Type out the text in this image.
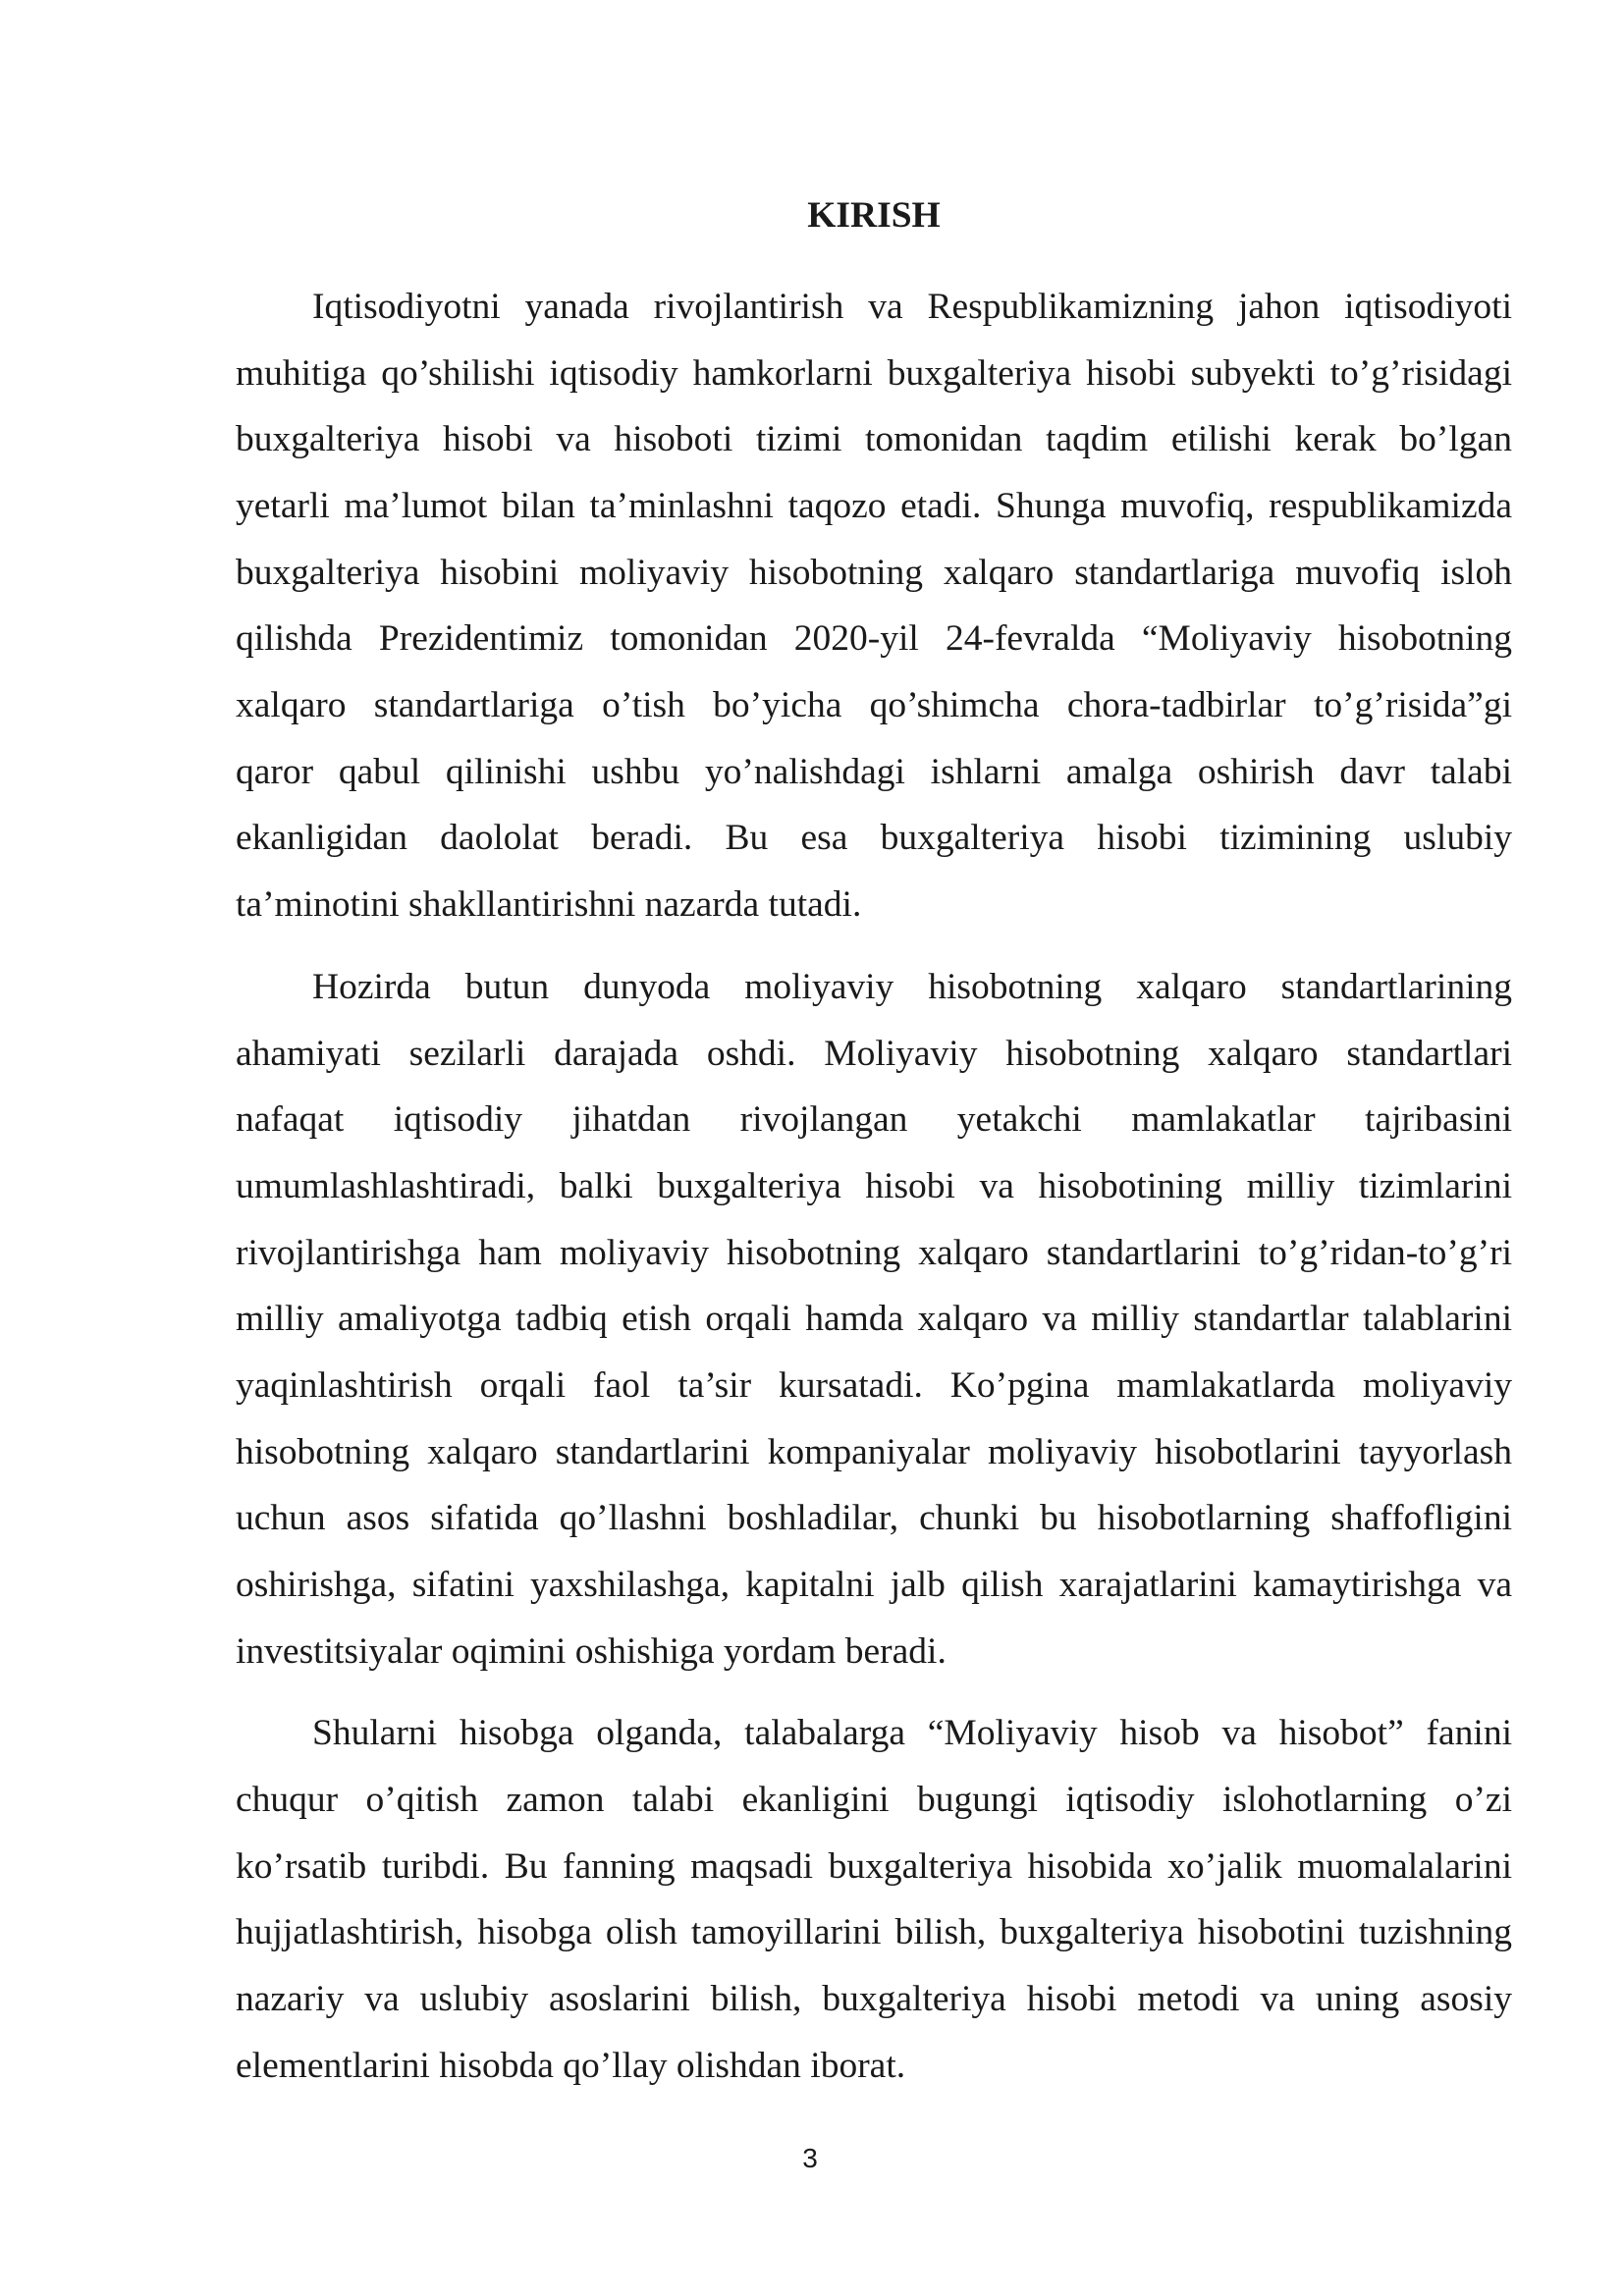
KIRISH
Iqtisodiyotni yanada rivojlantirish va Respublikamizning jahon iqtisodiyoti
muhitiga qo’shilishi iqtisodiy hamkorlarni buxgalteriya hisobi subyekti to’g’risidagi
buxgalteriya hisobi va hisoboti tizimi tomonidan taqdim etilishi kerak bo’lgan
yetarli ma’lumot bilan ta’minlashni taqozo etadi. Shunga muvofiq, respublikamizda
buxgalteriya hisobini moliyaviy hisobotning xalqaro standartlariga muvofiq isloh
qilishda Prezidentimiz tomonidan 2020-yil 24-fevralda “Moliyaviy hisobotning
xalqaro standartlariga o’tish bo’yicha qo’shimcha chora-tadbirlar to’g’risida”gi
qaror qabul qilinishi ushbu yo’nalishdagi ishlarni amalga oshirish davr talabi
ekanligidan daololat beradi. Bu esa buxgalteriya hisobi tizimining uslubiy
ta’minotini shakllantirishni nazarda tutadi.
Hozirda butun dunyoda moliyaviy hisobotning xalqaro standartlarining
ahamiyati sezilarli darajada oshdi. Moliyaviy hisobotning xalqaro standartlari
nafaqat iqtisodiy jihatdan rivojlangan yetakchi mamlakatlar tajribasini
umumlashlashtiradi, balki buxgalteriya hisobi va hisobotining milliy tizimlarini
rivojlantirishga ham moliyaviy hisobotning xalqaro standartlarini to’g’ridan-to’g’ri
milliy amaliyotga tadbiq etish orqali hamda xalqaro va milliy standartlar talablarini
yaqinlashtirish orqali faol ta’sir kursatadi. Ko’pgina mamlakatlarda moliyaviy
hisobotning xalqaro standartlarini kompaniyalar moliyaviy hisobotlarini tayyorlash
uchun asos sifatida qo’llashni boshladilar, chunki bu hisobotlarning shaffofligini
oshirishga, sifatini yaxshilashga, kapitalni jalb qilish xarajatlarini kamaytirishga va
investitsiyalar oqimini oshishiga yordam beradi.
Shularni hisobga olganda, talabalarga “Moliyaviy hisob va hisobot” fanini
chuqur o’qitish zamon talabi ekanligini bugungi iqtisodiy islohotlarning o’zi
ko’rsatib turibdi. Bu fanning maqsadi buxgalteriya hisobida xo’jalik muomalalarini
hujjatlashtirish, hisobga olish tamoyillarini bilish, buxgalteriya hisobotini tuzishning
nazariy va uslubiy asoslarini bilish, buxgalteriya hisobi metodi va uning asosiy
elementlarini hisobda qo’llay olishdan iborat.
3
